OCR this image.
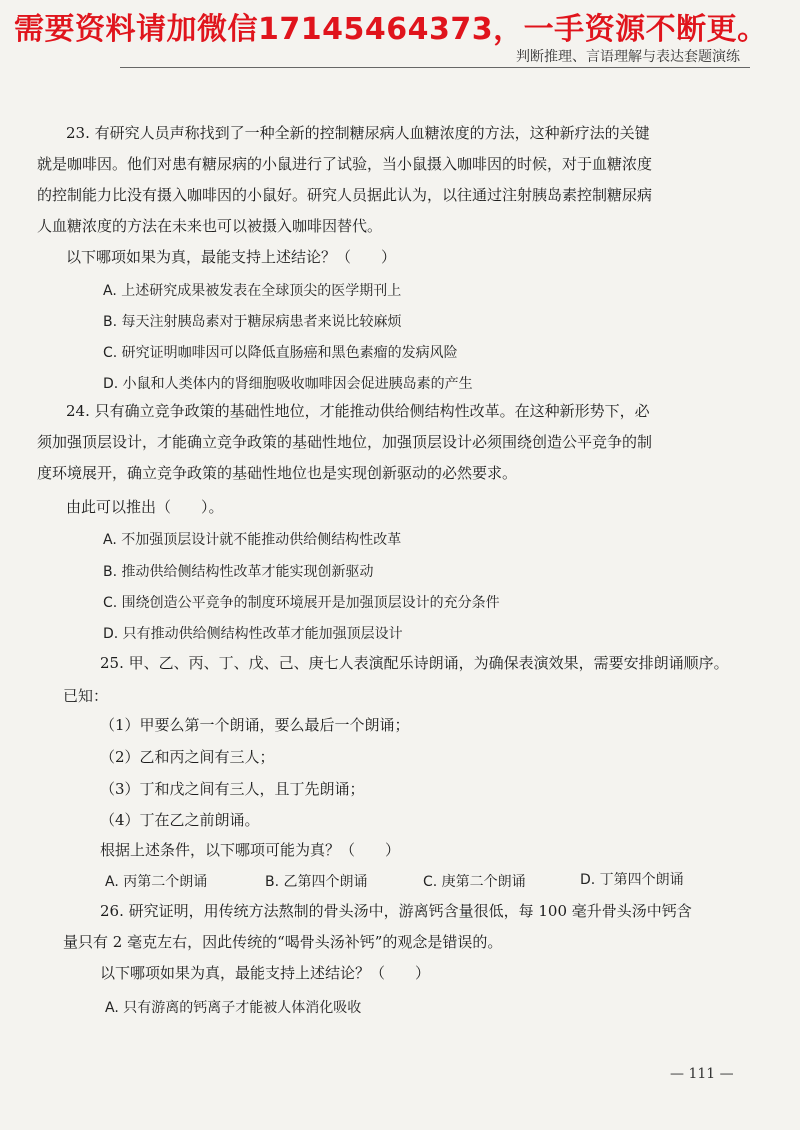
需要资料请加微信17145464373，一手资源不断更。
判断推理、言语理解与表达套题演练
23. 有研究人员声称找到了一种全新的控制糖尿病人血糖浓度的方法，这种新疗法的关键
就是咖啡因。他们对患有糖尿病的小鼠进行了试验，当小鼠摄入咖啡因的时候，对于血糖浓度
的控制能力比没有摄入咖啡因的小鼠好。研究人员据此认为，以往通过注射胰岛素控制糖尿病
人血糖浓度的方法在未来也可以被摄入咖啡因替代。
以下哪项如果为真，最能支持上述结论？（　　）
A. 上述研究成果被发表在全球顶尖的医学期刊上
B. 每天注射胰岛素对于糖尿病患者来说比较麻烦
C. 研究证明咖啡因可以降低直肠癌和黑色素瘤的发病风险
D. 小鼠和人类体内的肾细胞吸收咖啡因会促进胰岛素的产生
24. 只有确立竞争政策的基础性地位，才能推动供给侧结构性改革。在这种新形势下，必
须加强顶层设计，才能确立竞争政策的基础性地位，加强顶层设计必须围绕创造公平竞争的制
度环境展开，确立竞争政策的基础性地位也是实现创新驱动的必然要求。
由此可以推出（　　）。
A. 不加强顶层设计就不能推动供给侧结构性改革
B. 推动供给侧结构性改革才能实现创新驱动
C. 围绕创造公平竞争的制度环境展开是加强顶层设计的充分条件
D. 只有推动供给侧结构性改革才能加强顶层设计
25. 甲、乙、丙、丁、戊、己、庚七人表演配乐诗朗诵，为确保表演效果，需要安排朗诵顺序。
已知：
（1）甲要么第一个朗诵，要么最后一个朗诵；
（2）乙和丙之间有三人；
（3）丁和戊之间有三人，且丁先朗诵；
（4）丁在乙之前朗诵。
根据上述条件，以下哪项可能为真？（　　）
A. 丙第二个朗诵	B. 乙第四个朗诵	C. 庚第二个朗诵	D. 丁第四个朗诵
26. 研究证明，用传统方法熬制的骨头汤中，游离钙含量很低，每 100 毫升骨头汤中钙含
量只有 2 毫克左右，因此传统的“喝骨头汤补钙”的观念是错误的。
以下哪项如果为真，最能支持上述结论？（　　）
A. 只有游离的钙离子才能被人体消化吸收
— 111 —
